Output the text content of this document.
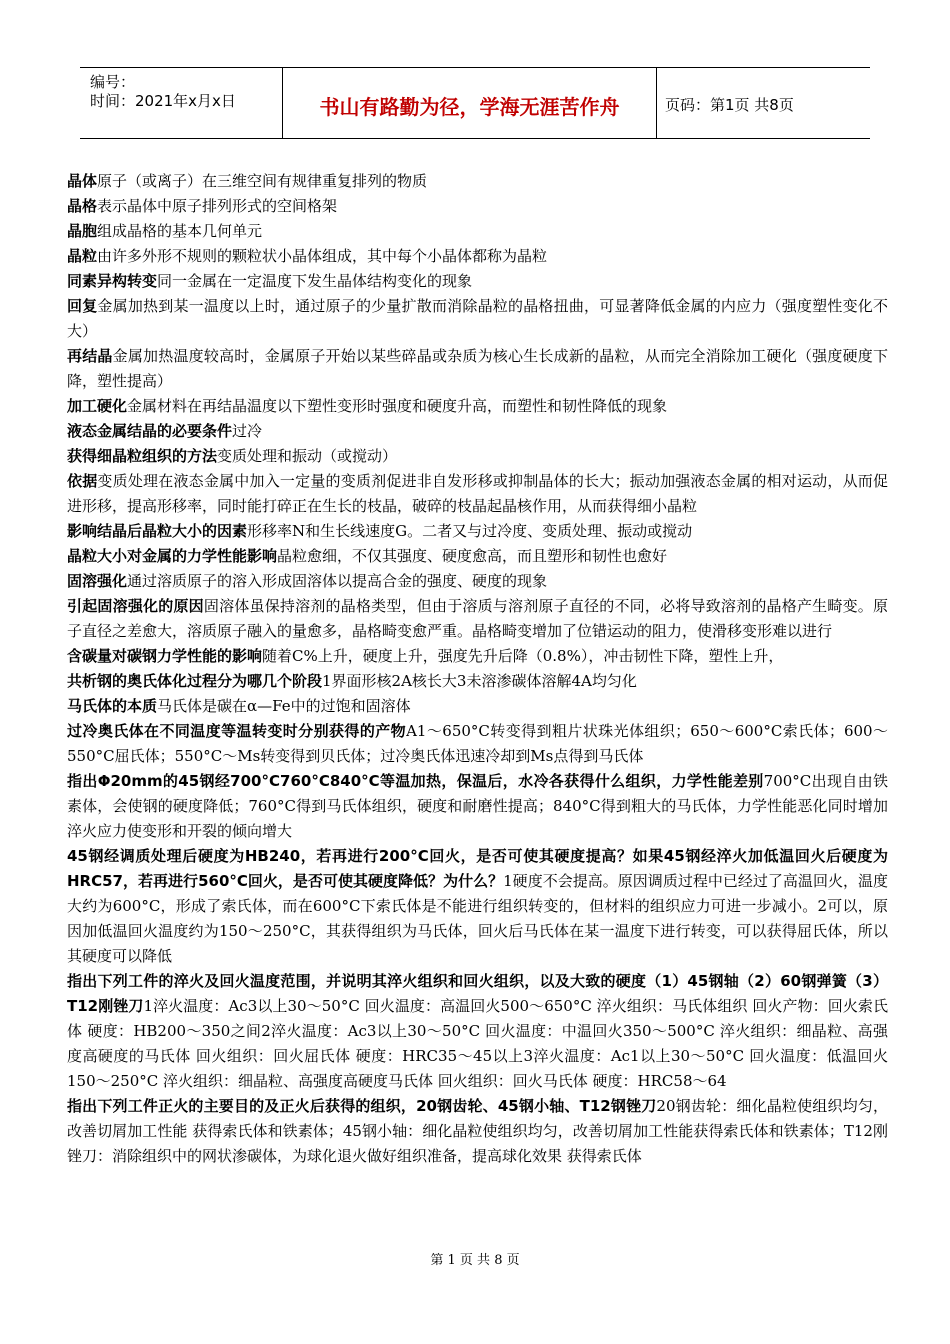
编号：
时间：2021年x月x日	书山有路勤为径，学海无涯苦作舟	页码：第1页 共8页

晶体原子（或离子）在三维空间有规律重复排列的物质

晶格表示晶体中原子排列形式的空间格架

晶胞组成晶格的基本几何单元

晶粒由许多外形不规则的颗粒状小晶体组成，其中每个小晶体都称为晶粒

同素异构转变同一金属在一定温度下发生晶体结构变化的现象

回复金属加热到某一温度以上时，通过原子的少量扩散而消除晶粒的晶格扭曲，可显著降低金属的内应力（强度塑性变化不大）

再结晶金属加热温度较高时，金属原子开始以某些碎晶或杂质为核心生长成新的晶粒，从而完全消除加工硬化（强度硬度下降，塑性提高）

加工硬化金属材料在再结晶温度以下塑性变形时强度和硬度升高，而塑性和韧性降低的现象

液态金属结晶的必要条件过冷

获得细晶粒组织的方法变质处理和振动（或搅动）

依据变质处理在液态金属中加入一定量的变质剂促进非自发形移或抑制晶体的长大；振动加强液态金属的相对运动，从而促进形移，提高形移率，同时能打碎正在生长的枝晶，破碎的枝晶起晶核作用，从而获得细小晶粒

影响结晶后晶粒大小的因素形移率N和生长线速度G。二者又与过冷度、变质处理、振动或搅动

晶粒大小对金属的力学性能影响晶粒愈细，不仅其强度、硬度愈高，而且塑形和韧性也愈好

固溶强化通过溶质原子的溶入形成固溶体以提高合金的强度、硬度的现象

引起固溶强化的原因固溶体虽保持溶剂的晶格类型，但由于溶质与溶剂原子直径的不同，必将导致溶剂的晶格产生畸变。原子直径之差愈大，溶质原子融入的量愈多，晶格畸变愈严重。晶格畸变增加了位错运动的阻力，使滑移变形难以进行

含碳量对碳钢力学性能的影响随着C%上升，硬度上升，强度先升后降（0.8%），冲击韧性下降，塑性上升，

共析钢的奥氏体化过程分为哪几个阶段1界面形核2A核长大3未溶渗碳体溶解4A均匀化

马氏体的本质马氏体是碳在α—Fe中的过饱和固溶体

过冷奥氏体在不同温度等温转变时分别获得的产物A1～650°C转变得到粗片状珠光体组织；650～600°C索氏体；600～550°C屈氏体；550°C～Ms转变得到贝氏体；过冷奥氏体迅速冷却到Ms点得到马氏体

指出Φ20mm的45钢经700°C760°C840°C等温加热，保温后，水冷各获得什么组织，力学性能差别700°C出现自由铁素体，会使钢的硬度降低；760°C得到马氏体组织，硬度和耐磨性提高；840°C得到粗大的马氏体，力学性能恶化同时增加淬火应力使变形和开裂的倾向增大

45钢经调质处理后硬度为HB240，若再进行200°C回火，是否可使其硬度提高？如果45钢经淬火加低温回火后硬度为HRC57，若再进行560°C回火，是否可使其硬度降低？为什么？1硬度不会提高。原因调质过程中已经过了高温回火，温度大约为600°C，形成了索氏体，而在600°C下索氏体是不能进行组织转变的，但材料的组织应力可进一步减小。2可以，原因加低温回火温度约为150～250°C，其获得组织为马氏体，回火后马氏体在某一温度下进行转变，可以获得屈氏体，所以其硬度可以降低

指出下列工件的淬火及回火温度范围，并说明其淬火组织和回火组织，以及大致的硬度（1）45钢轴（2）60钢弹簧（3）T12刚锉刀1淬火温度：Ac3以上30～50°C 回火温度：高温回火500～650°C 淬火组织：马氏体组织 回火产物：回火索氏体 硬度：HB200～350之间2淬火温度：Ac3以上30～50°C 回火温度：中温回火350～500°C 淬火组织：细晶粒、高强度高硬度的马氏体 回火组织：回火屈氏体 硬度：HRC35～45以上3淬火温度：Ac1以上30～50°C 回火温度：低温回火150～250°C 淬火组织：细晶粒、高强度高硬度马氏体 回火组织：回火马氏体 硬度：HRC58～64

指出下列工件正火的主要目的及正火后获得的组织，20钢齿轮、45钢小轴、T12钢锉刀20钢齿轮：细化晶粒使组织均匀，改善切屑加工性能 获得索氏体和铁素体；45钢小轴：细化晶粒使组织均匀，改善切屑加工性能获得索氏体和铁素体；T12刚锉刀：消除组织中的网状渗碳体，为球化退火做好组织准备，提高球化效果 获得索氏体

第 1 页 共 8 页
